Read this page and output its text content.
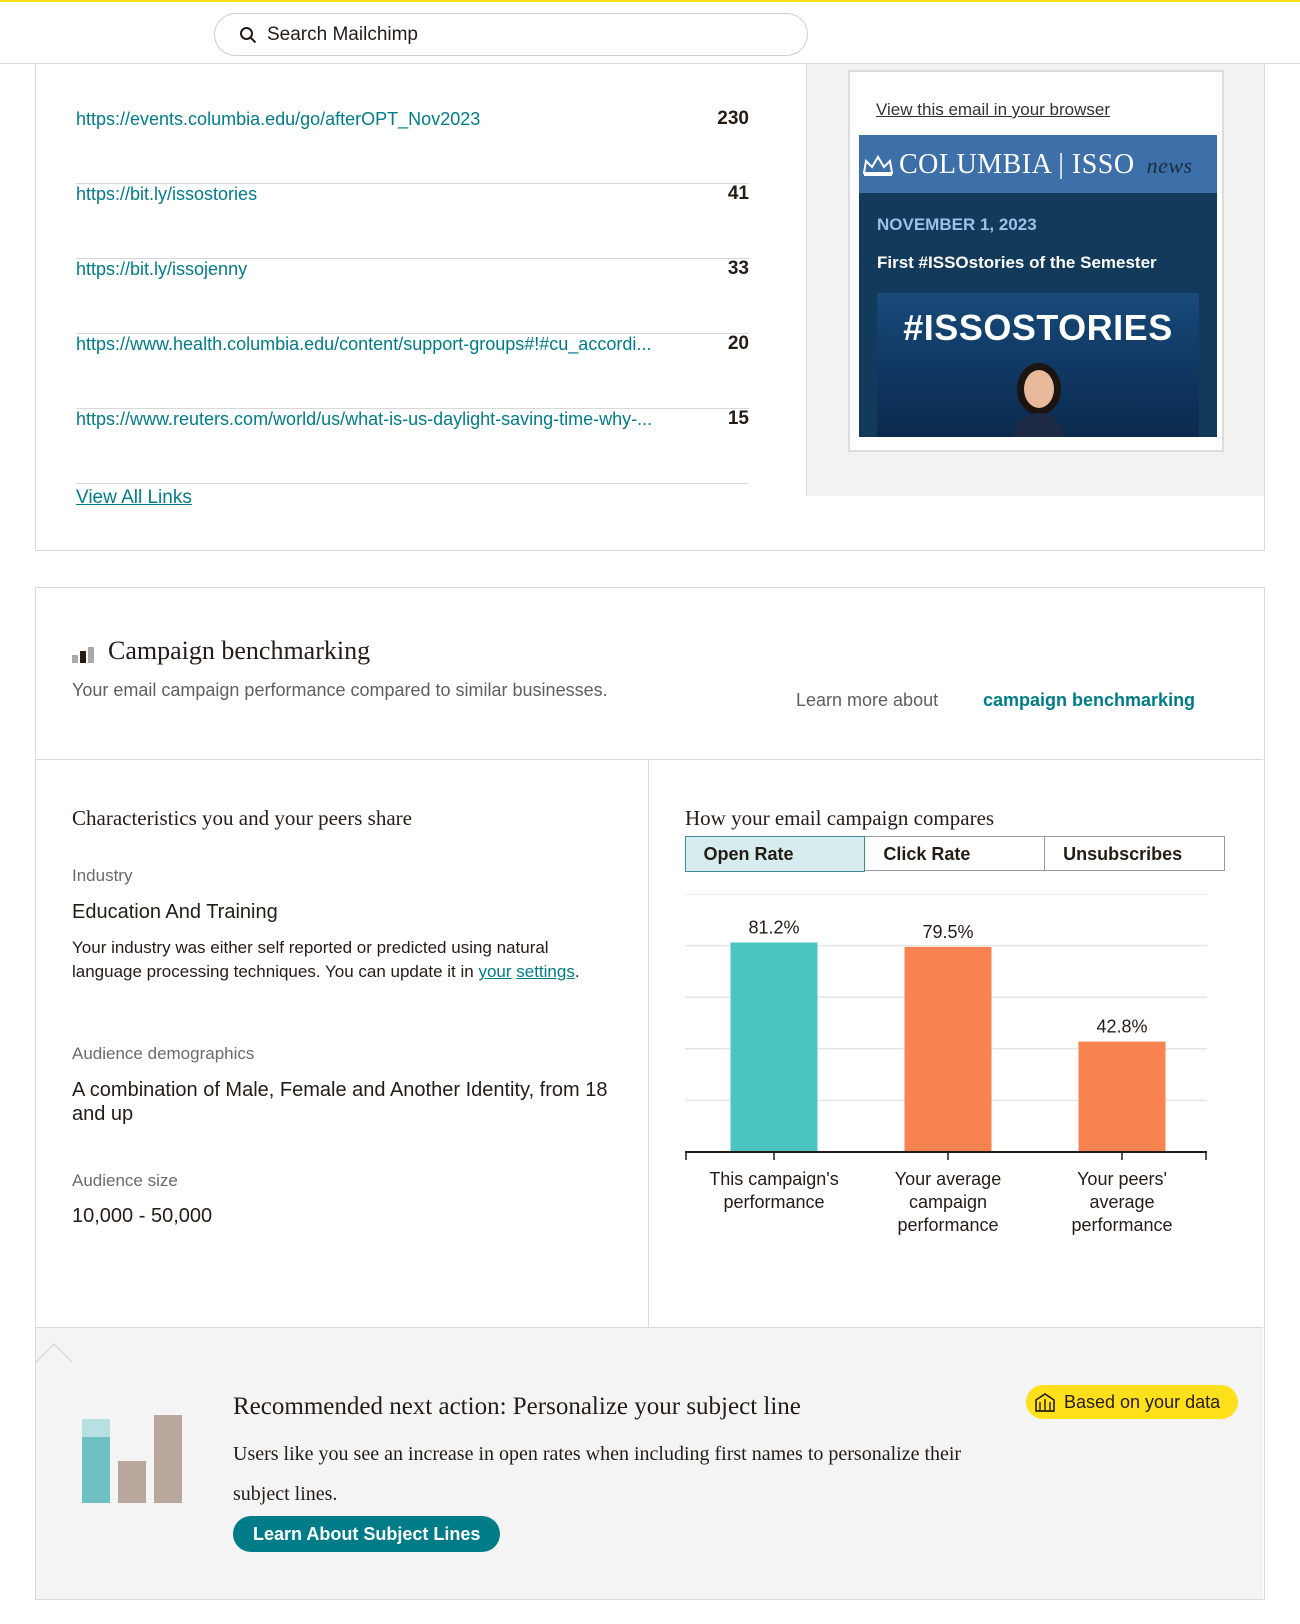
Search Mailchimp
https://events.columbia.edu/go/afterOPT_Nov2023	230
https://bit.ly/issostories	41
https://bit.ly/issojenny	33
https://www.health.columbia.edu/content/support-groups#!#cu_accordi...	20
https://www.reuters.com/world/us/what-is-us-daylight-saving-time-why-...	15
View All Links
View this email in your browser
COLUMBIA | ISSO news
NOVEMBER 1, 2023
First #ISSOstories of the Semester
#ISSOSTORIES
Campaign benchmarking
Your email campaign performance compared to similar businesses.	Learn more about campaign benchmarking
Characteristics you and your peers share
Industry
Education And Training
Your industry was either self reported or predicted using natural language processing techniques. You can update it in your settings.
Audience demographics
A combination of Male, Female and Another Identity, from 18 and up
Audience size
10,000 - 50,000
How your email campaign compares
Open Rate	Click Rate	Unsubscribes
81.2%
This campaign's
performance
79.5%
Your average
campaign
performance
42.8%
Your peers'
average
performance
Recommended next action: Personalize your subject line
Users like you see an increase in open rates when including first names to personalize their subject lines.
Learn About Subject Lines
Based on your data
